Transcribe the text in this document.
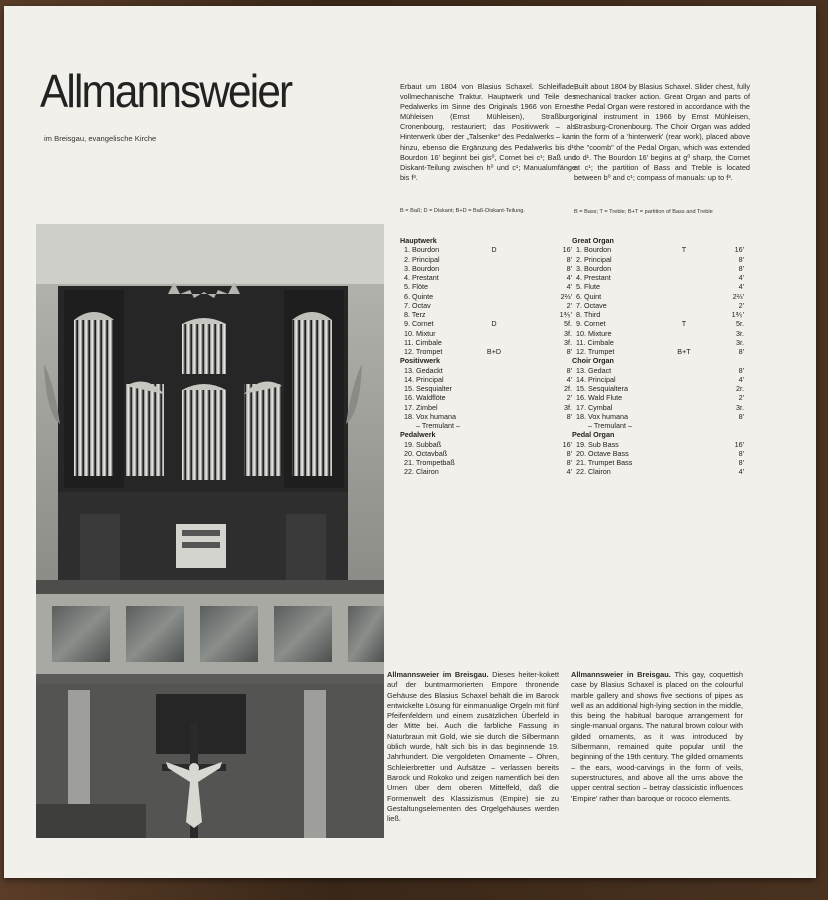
Allmannsweier
im Breisgau, evangelische Kirche
Erbaut um 1804 von Blasius Schaxel. Schleiflade, vollmechanische Traktur. Hauptwerk und Teile des Pedalwerks im Sinne des Originals 1966 von Ernest Mühleisen (Ernst Mühleisen), Straßburg-Cronenbourg, restauriert; das Positivwerk – als Hinterwerk über der „Talsenke“ des Pedalwerks – kam hinzu, ebenso die Ergänzung des Pedalwerks bis d¹. Bourdon 16' beginnt bei gis⁰, Cornet bei c¹; Baß und Diskant-Teilung zwischen h⁰ und c¹; Manualumfänge bis f³.
Built about 1804 by Blasius Schaxel. Slider chest, fully mechanical tracker action. Great Organ and parts of the Pedal Organ were restored in accordance with the original instrument in 1966 by Ernst Mühleisen, Strasburg-Cronenbourg. The Choir Organ was added in the form of a 'hinterwerk' (rear work), placed above the "coomb" of the Pedal Organ, which was extended to d¹. The Bourdon 16' begins at g⁰ sharp, the Cornet at c¹; the partition of Bass and Treble is located between b⁰ and c¹; compass of manuals: up to f³.
B = Baß; D = Diskant; B+D = Baß-Diskant-Teilung.	B = Bass; T = Treble; B+T = partition of Bass and Treble
Hauptwerk
1. Bourdon	D	16'
2. Principal	8'
3. Bourdon	8'
4. Prestant	4'
5. Flöte	4'
6. Quinte	2⅔'
7. Octav	2'
8. Terz	1⅗'
9. Cornet	D	5f.
10. Mixtur	3f.
11. Cimbale	3f.
12. Trompet	B+D	8'
Positivwerk
13. Gedackt	8'
14. Principal	4'
15. Sesquialter	2f.
16. Waldflöte	2'
17. Zimbel	3f.
18. Vox humana	8'
– Tremulant –
Pedalwerk
19. Subbaß	16'
20. Octavbaß	8'
21. Trompetbaß	8'
22. Clairon	4'
Great Organ
1. Bourdon	T	16'
2. Principal	8'
3. Bourdon	8'
4. Prestant	4'
5. Flute	4'
6. Quint	2⅔'
7. Octave	2'
8. Third	1⅗'
9. Cornet	T	5r.
10. Mixture	3r.
11. Cimbale	3r.
12. Trumpet	B+T	8'
Choir Organ
13. Gedact	8'
14. Principal	4'
15. Sesquialtera	2r.
16. Wald Flute	2'
17. Cymbal	3r.
18. Vox humana	8'
– Tremulant –
Pedal Organ
19. Sub Bass	16'
20. Octave Bass	8'
21. Trumpet Bass	8'
22. Clairon	4'
Allmannsweier im Breisgau. Dieses heiter-kokett auf der buntmarmorierten Empore thronende Gehäuse des Blasius Schaxel behält die im Barock entwickelte Lösung für einmanualige Orgeln mit fünf Pfeifenfeldern und einem zusätzlichen Überfeld in der Mitte bei. Auch die farbliche Fassung in Naturbraun mit Gold, wie sie durch die Silbermann üblich wurde, hält sich bis in das beginnende 19. Jahrhundert. Die vergoldeten Ornamente – Ohren, Schleierbretter und Aufsätze – verlassen bereits Barock und Rokoko und zeigen namentlich bei den Urnen über dem oberen Mittelfeld, daß die Formenwelt des Klassizismus (Empire) sie zu Gestaltungselementen des Orgelgehäuses werden ließ.
Allmannsweier in Breisgau. This gay, coquettish case by Blasius Schaxel is placed on the colourful marble gallery and shows five sections of pipes as well as an additional high-lying section in the middle, this being the habitual baroque arrangement for single-manual organs. The natural brown colour with gilded ornaments, as it was introduced by Silbermann, remained quite popular until the beginning of the 19th century. The gilded ornaments – the ears, wood-carvings in the form of veils, superstructures, and above all the urns above the upper central section – betray classicistic influences 'Empire' rather than baroque or rococo elements.
